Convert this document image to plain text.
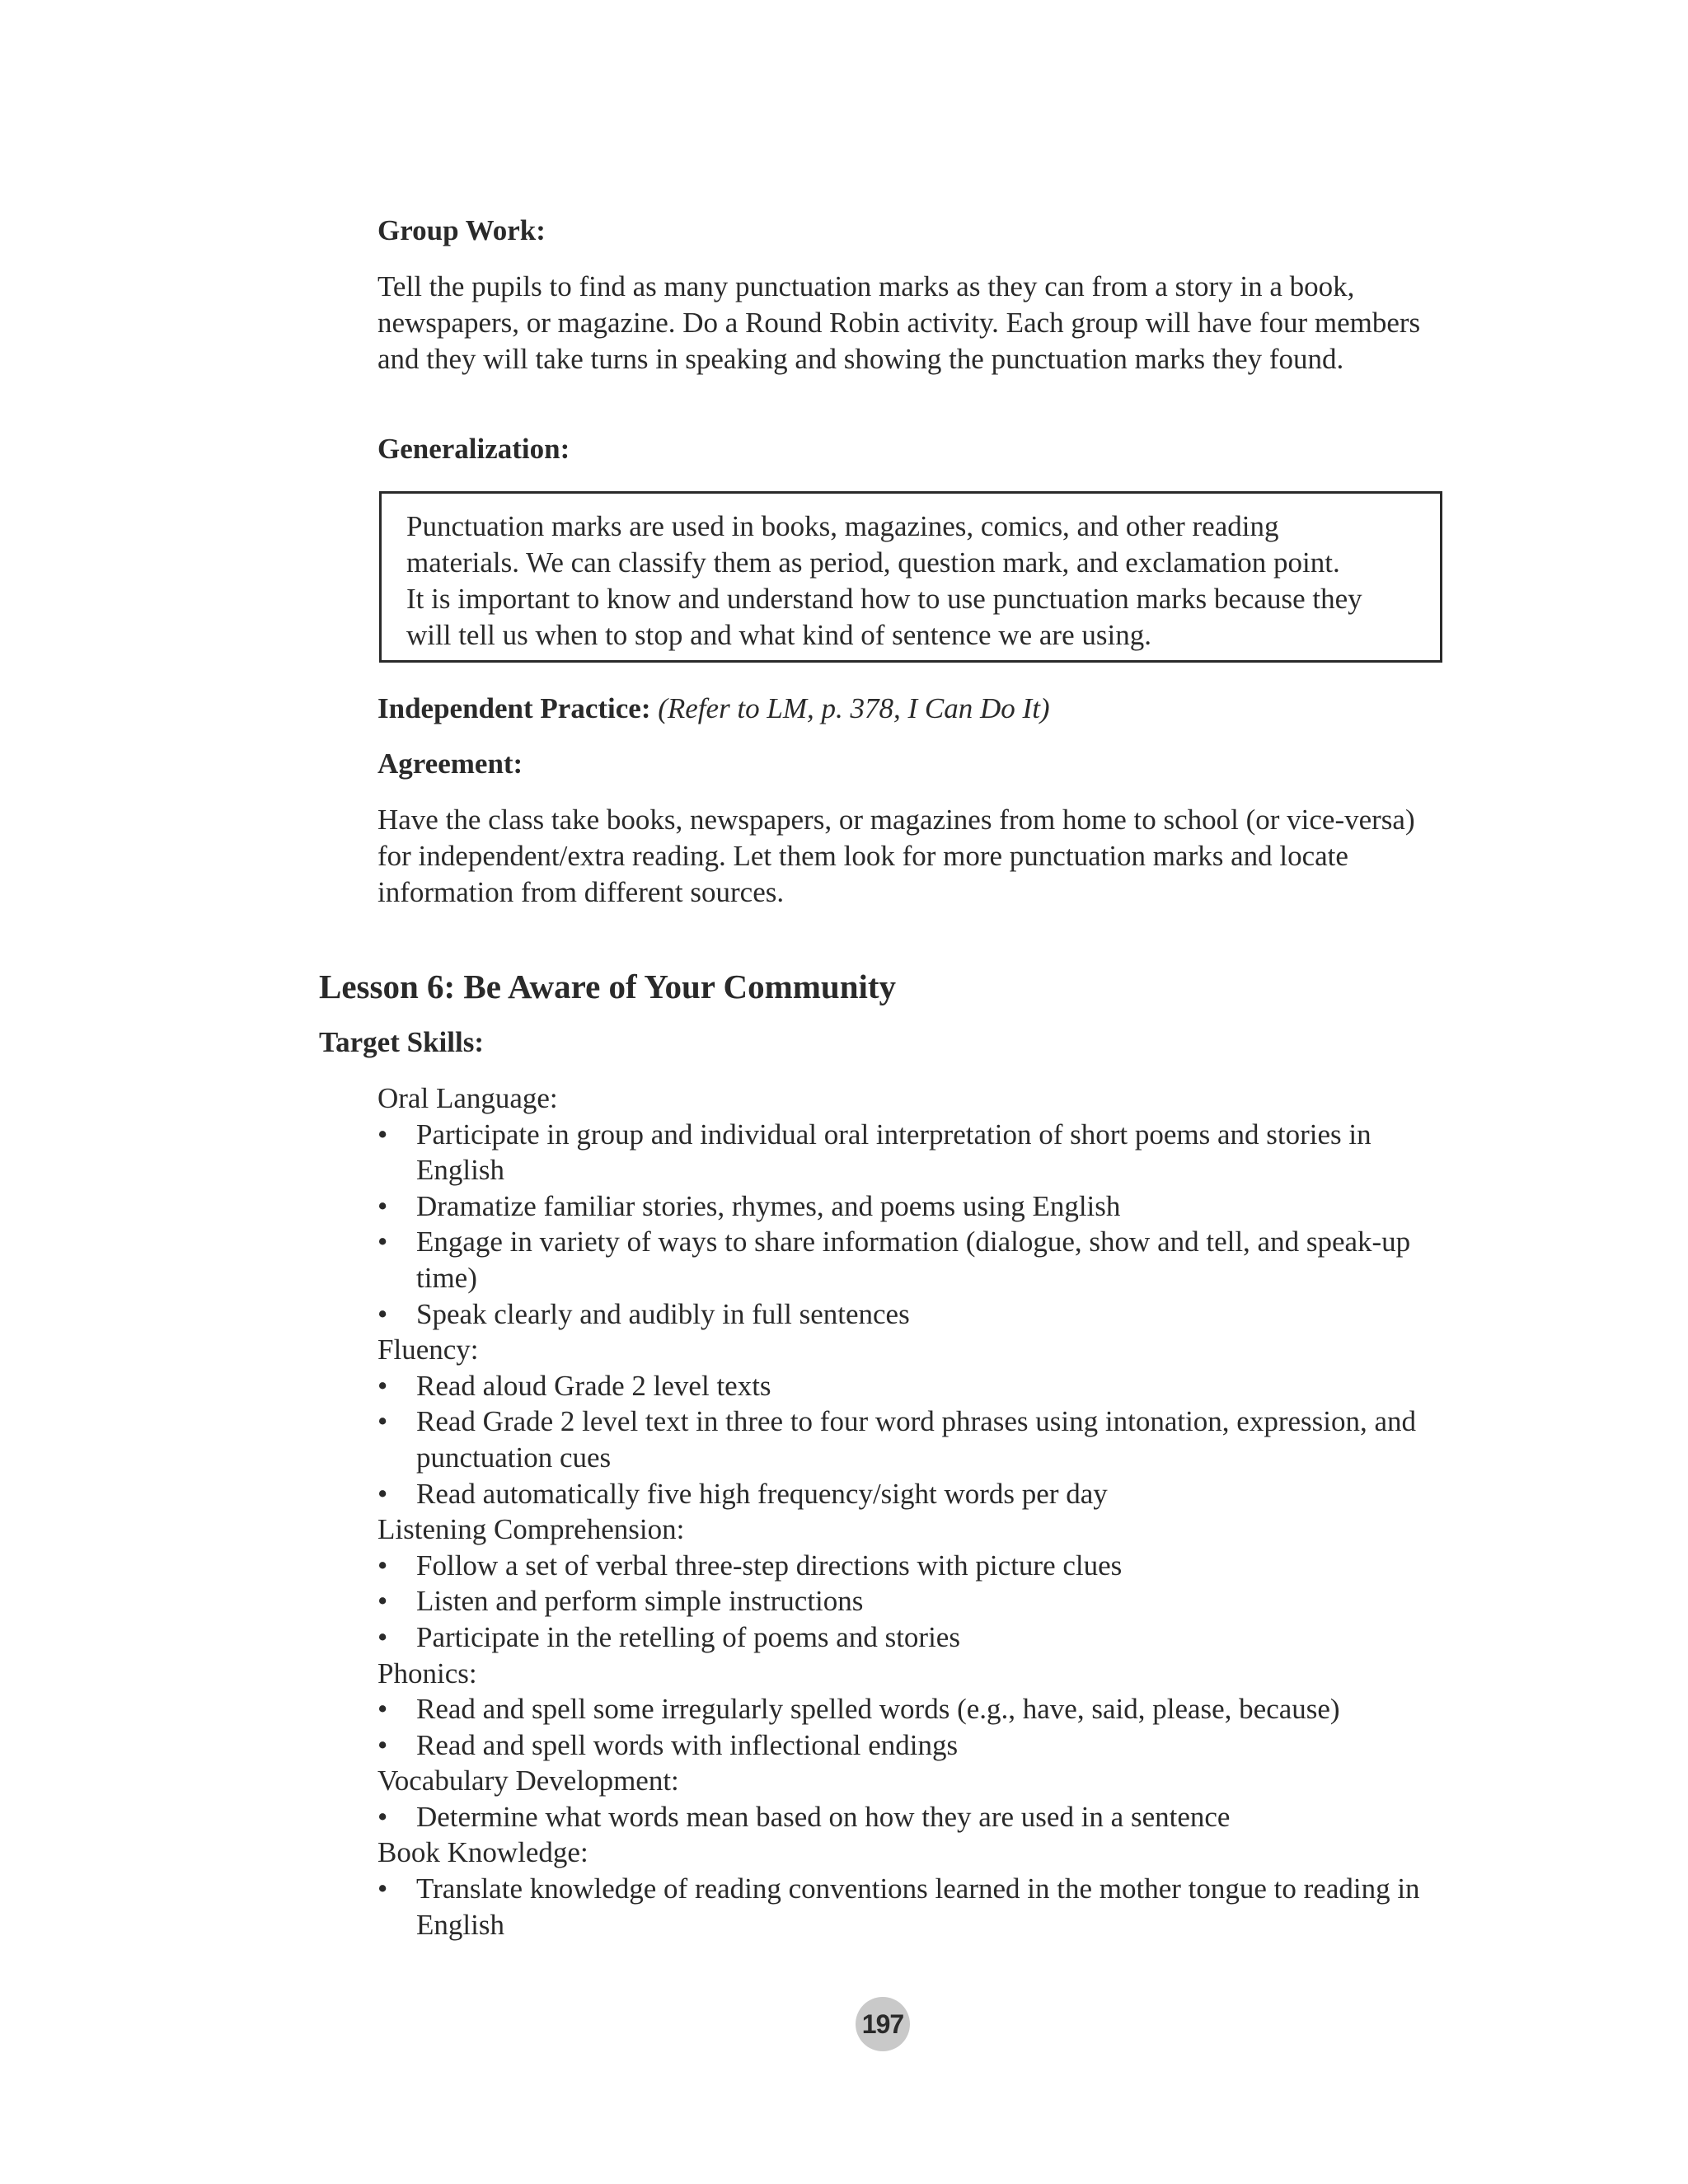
Group Work:

Tell the pupils to find as many punctuation marks as they can from a story in a book, newspapers, or magazine. Do a Round Robin activity. Each group will have four members and they will take turns in speaking and showing the punctuation marks they found.

Generalization:

Punctuation marks are used in books, magazines, comics, and other reading

materials. We can classify them as period, question mark, and exclamation point.

It is important to know and understand how to use punctuation marks because they

will tell us when to stop and what kind of sentence we are using.

Independent Practice: (Refer to LM, p. 378, I Can Do It)

Agreement:

Have the class take books, newspapers, or magazines from home to school (or vice-versa) for independent/extra reading. Let them look for more punctuation marks and locate information from different sources.

Lesson 6: Be Aware of Your Community

Target Skills:

Oral Language:

• Participate in group and individual oral interpretation of short poems and stories in English

• Dramatize familiar stories, rhymes, and poems using English

• Engage in variety of ways to share information (dialogue, show and tell, and speak-up time)

• Speak clearly and audibly in full sentences

Fluency:

• Read aloud Grade 2 level texts

• Read Grade 2 level text in three to four word phrases using intonation, expression, and punctuation cues

• Read automatically five high frequency/sight words per day

Listening Comprehension:

• Follow a set of verbal three-step directions with picture clues

• Listen and perform simple instructions

• Participate in the retelling of poems and stories

Phonics:

• Read and spell some irregularly spelled words (e.g., have, said, please, because)

• Read and spell words with inflectional endings

Vocabulary Development:

• Determine what words mean based on how they are used in a sentence

Book Knowledge:

• Translate knowledge of reading conventions learned in the mother tongue to reading in English

197
